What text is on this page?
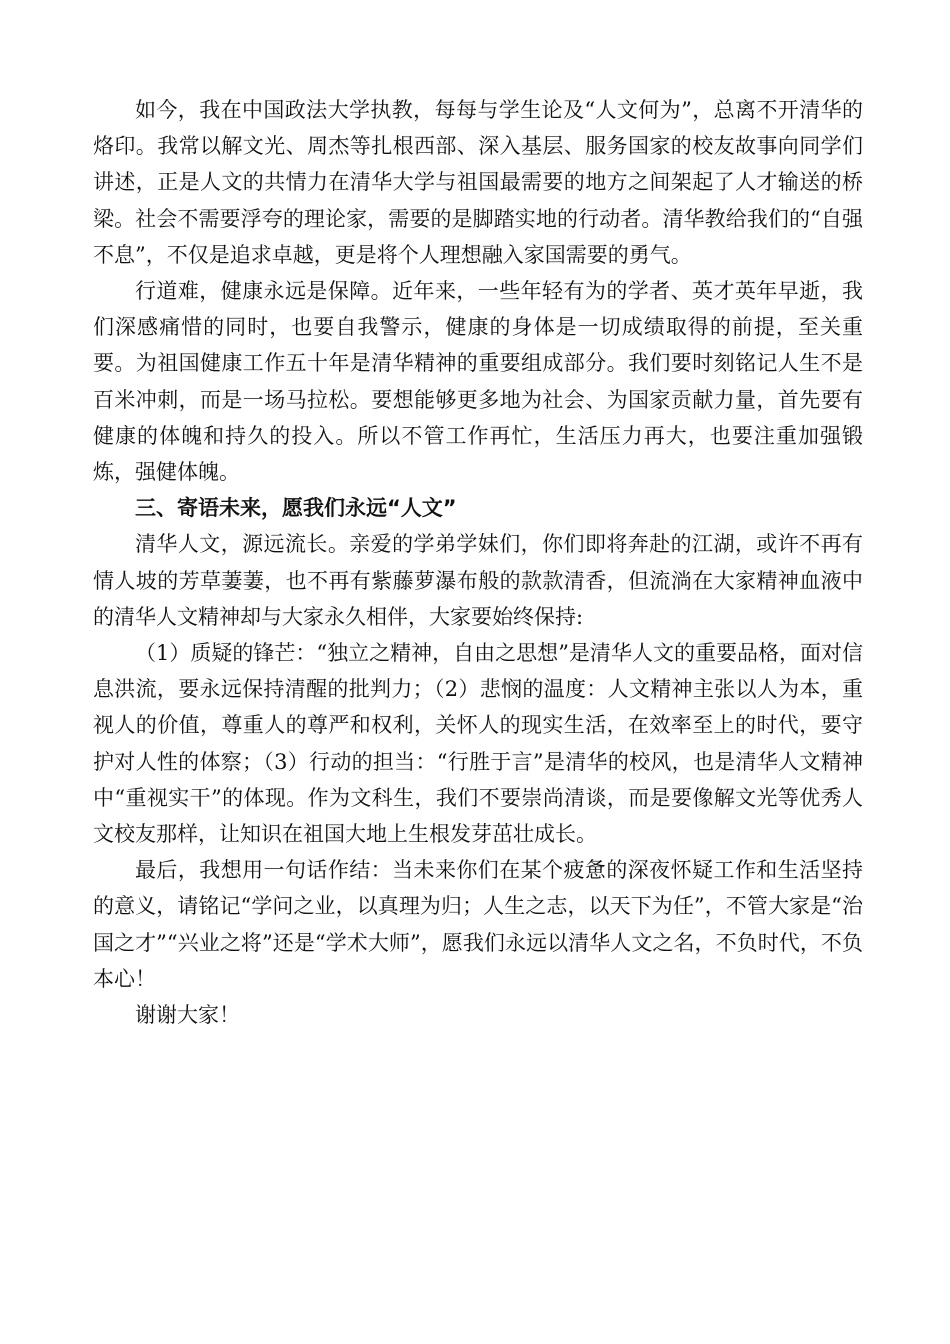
如今，我在中国政法大学执教，每每与学生论及“人文何为”，总离不开清华的烙印。我常以解文光、周杰等扎根西部、深入基层、服务国家的校友故事向同学们讲述，正是人文的共情力在清华大学与祖国最需要的地方之间架起了人才输送的桥梁。社会不需要浮夸的理论家，需要的是脚踏实地的行动者。清华教给我们的“自强不息”，不仅是追求卓越，更是将个人理想融入家国需要的勇气。

行道难，健康永远是保障。近年来，一些年轻有为的学者、英才英年早逝，我们深感痛惜的同时，也要自我警示，健康的身体是一切成绩取得的前提，至关重要。为祖国健康工作五十年是清华精神的重要组成部分。我们要时刻铭记人生不是百米冲刺，而是一场马拉松。要想能够更多地为社会、为国家贡献力量，首先要有健康的体魄和持久的投入。所以不管工作再忙，生活压力再大，也要注重加强锻炼，强健体魄。

三、寄语未来，愿我们永远“人文”

清华人文，源远流长。亲爱的学弟学妹们，你们即将奔赴的江湖，或许不再有情人坡的芳草萋萋，也不再有紫藤萝瀑布般的款款清香，但流淌在大家精神血液中的清华人文精神却与大家永久相伴，大家要始终保持:

（1）质疑的锋芒：“独立之精神，自由之思想”是清华人文的重要品格，面对信息洪流，要永远保持清醒的批判力；（2）悲悯的温度：人文精神主张以人为本，重视人的价值，尊重人的尊严和权利，关怀人的现实生活，在效率至上的时代，要守护对人性的体察；（3）行动的担当：“行胜于言”是清华的校风，也是清华人文精神中“重视实干”的体现。作为文科生，我们不要崇尚清谈，而是要像解文光等优秀人文校友那样，让知识在祖国大地上生根发芽茁壮成长。

最后，我想用一句话作结：当未来你们在某个疲惫的深夜怀疑工作和生活坚持的意义，请铭记“学问之业，以真理为归；人生之志，以天下为任”，不管大家是“治国之才”“兴业之将”还是“学术大师”，愿我们永远以清华人文之名，不负时代，不负本心！

谢谢大家！
